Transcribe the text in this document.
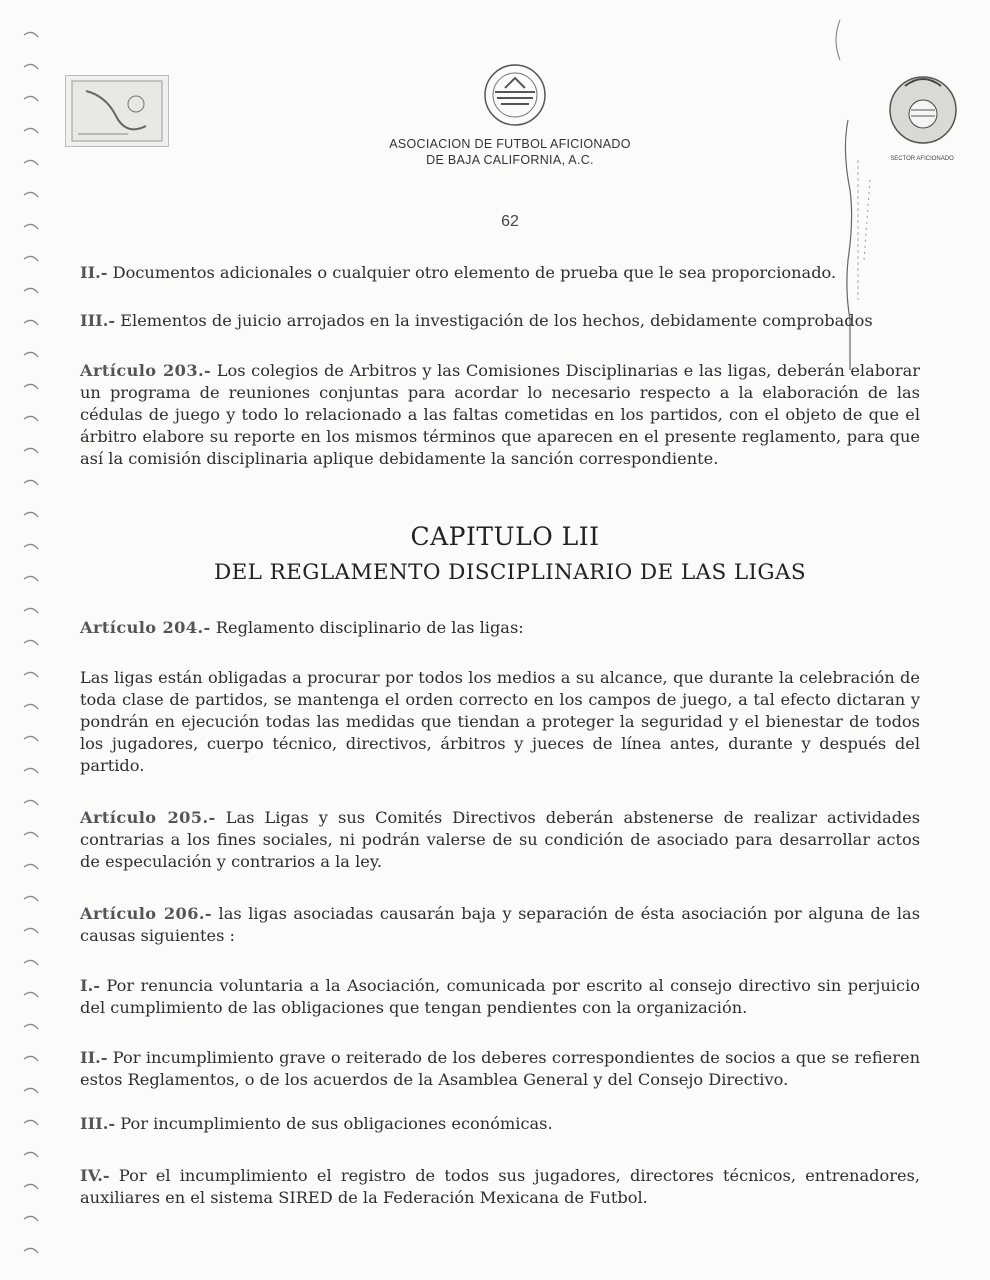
ASOCIACION DE FUTBOL AFICIONADO
DE BAJA CALIFORNIA, A.C.	SECTOR AFICIONADO
62
II.- Documentos adicionales o cualquier otro elemento de prueba que le sea proporcionado.
III.- Elementos de juicio arrojados en la investigación de los hechos, debidamente comprobados
Artículo 203.- Los colegios de Arbitros y las Comisiones Disciplinarias e las ligas, deberán elaborar un programa de reuniones conjuntas para acordar lo necesario respecto a la elaboración de las cédulas de juego y todo lo relacionado a las faltas cometidas en los partidos, con el objeto de que el árbitro elabore su reporte en los mismos términos que aparecen en el presente reglamento, para que así la comisión disciplinaria aplique debidamente la sanción correspondiente.
CAPITULO LII
DEL REGLAMENTO DISCIPLINARIO DE LAS LIGAS
Artículo 204.- Reglamento disciplinario de las ligas:
Las ligas están obligadas a procurar por todos los medios a su alcance, que durante la celebración de toda clase de partidos, se mantenga el orden correcto en los campos de juego, a tal efecto dictaran y pondrán en ejecución todas las medidas que tiendan a proteger la seguridad y el bienestar de todos los jugadores, cuerpo técnico, directivos, árbitros y jueces de línea antes, durante y después del partido.
Artículo 205.- Las Ligas y sus Comités Directivos deberán abstenerse de realizar actividades contrarias a los fines sociales, ni podrán valerse de su condición de asociado para desarrollar actos de especulación y contrarios a la ley.
Artículo 206.- las ligas asociadas causarán baja y separación de ésta asociación por alguna de las causas siguientes :
I.- Por renuncia voluntaria a la Asociación, comunicada por escrito al consejo directivo sin perjuicio del cumplimiento de las obligaciones que tengan pendientes con la organización.
II.- Por incumplimiento grave o reiterado de los deberes correspondientes de socios a que se refieren estos Reglamentos, o de los acuerdos de la Asamblea General y del Consejo Directivo.
III.- Por incumplimiento de sus obligaciones económicas.
IV.- Por el incumplimiento el registro de todos sus jugadores, directores técnicos, entrenadores, auxiliares en el sistema SIRED de la Federación Mexicana de Futbol.
